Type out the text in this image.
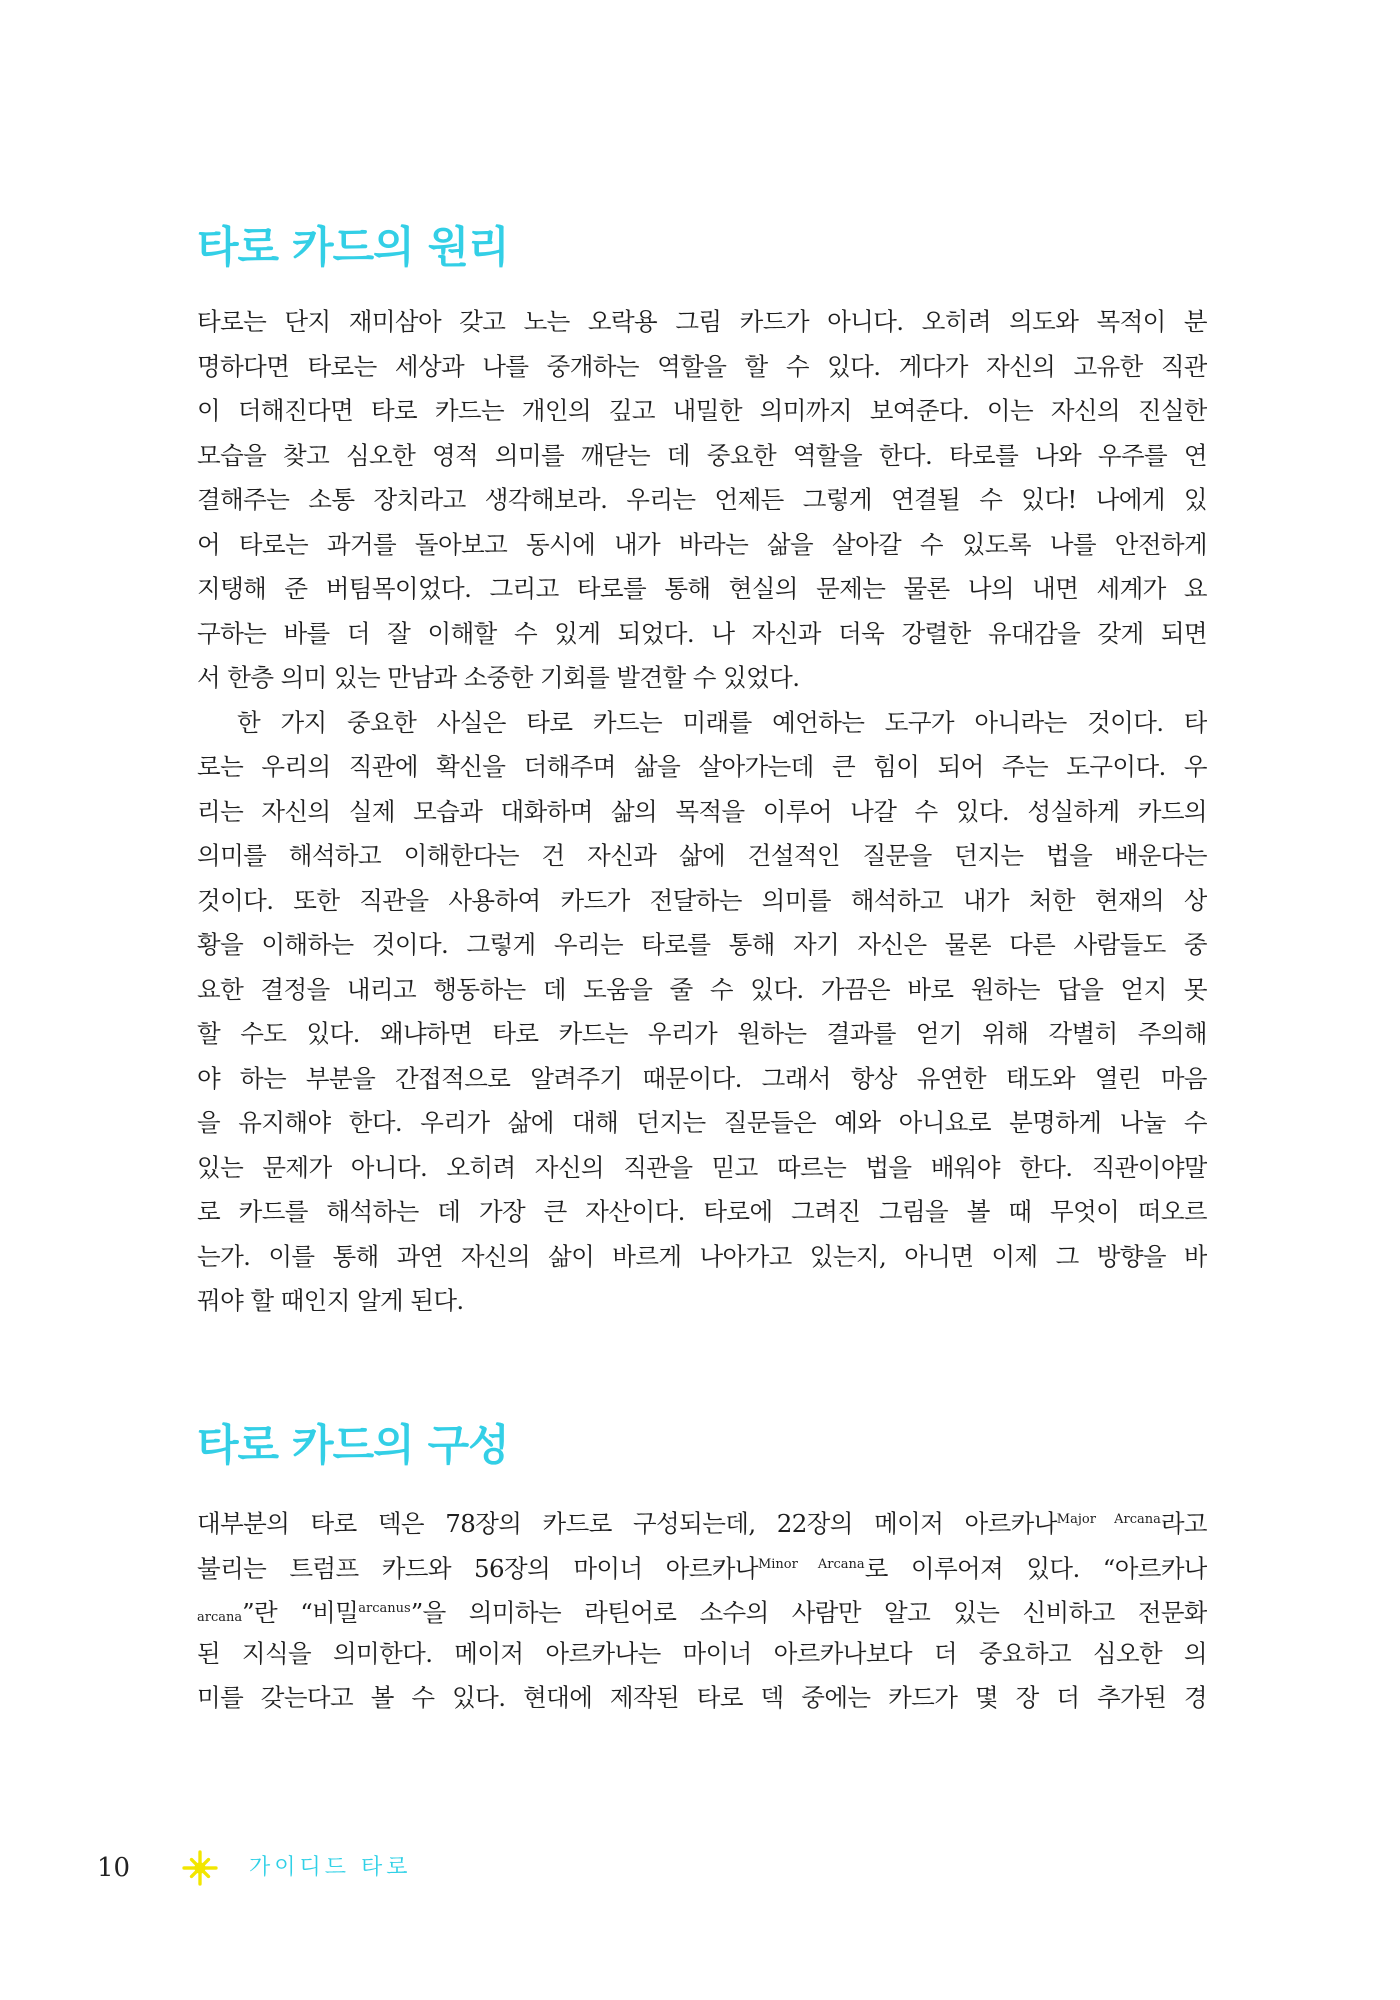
타로 카드의 원리
타로는 단지 재미삼아 갖고 노는 오락용 그림 카드가 아니다. 오히려 의도와 목적이 분
명하다면 타로는 세상과 나를 중개하는 역할을 할 수 있다. 게다가 자신의 고유한 직관
이 더해진다면 타로 카드는 개인의 깊고 내밀한 의미까지 보여준다. 이는 자신의 진실한
모습을 찾고 심오한 영적 의미를 깨닫는 데 중요한 역할을 한다. 타로를 나와 우주를 연
결해주는 소통 장치라고 생각해보라. 우리는 언제든 그렇게 연결될 수 있다! 나에게 있
어 타로는 과거를 돌아보고 동시에 내가 바라는 삶을 살아갈 수 있도록 나를 안전하게
지탱해 준 버팀목이었다. 그리고 타로를 통해 현실의 문제는 물론 나의 내면 세계가 요
구하는 바를 더 잘 이해할 수 있게 되었다. 나 자신과 더욱 강렬한 유대감을 갖게 되면
서 한층 의미 있는 만남과 소중한 기회를 발견할 수 있었다.
한 가지 중요한 사실은 타로 카드는 미래를 예언하는 도구가 아니라는 것이다. 타
로는 우리의 직관에 확신을 더해주며 삶을 살아가는데 큰 힘이 되어 주는 도구이다. 우
리는 자신의 실제 모습과 대화하며 삶의 목적을 이루어 나갈 수 있다. 성실하게 카드의
의미를 해석하고 이해한다는 건 자신과 삶에 건설적인 질문을 던지는 법을 배운다는
것이다. 또한 직관을 사용하여 카드가 전달하는 의미를 해석하고 내가 처한 현재의 상
황을 이해하는 것이다. 그렇게 우리는 타로를 통해 자기 자신은 물론 다른 사람들도 중
요한 결정을 내리고 행동하는 데 도움을 줄 수 있다. 가끔은 바로 원하는 답을 얻지 못
할 수도 있다. 왜냐하면 타로 카드는 우리가 원하는 결과를 얻기 위해 각별히 주의해
야 하는 부분을 간접적으로 알려주기 때문이다. 그래서 항상 유연한 태도와 열린 마음
을 유지해야 한다. 우리가 삶에 대해 던지는 질문들은 예와 아니요로 분명하게 나눌 수
있는 문제가 아니다. 오히려 자신의 직관을 믿고 따르는 법을 배워야 한다. 직관이야말
로 카드를 해석하는 데 가장 큰 자산이다. 타로에 그려진 그림을 볼 때 무엇이 떠오르
는가. 이를 통해 과연 자신의 삶이 바르게 나아가고 있는지, 아니면 이제 그 방향을 바
꿔야 할 때인지 알게 된다.
타로 카드의 구성
대부분의 타로 덱은 78장의 카드로 구성되는데, 22장의 메이저 아르카나$^{Major Arcana}$라고
불리는 트럼프 카드와 56장의 마이너 아르카나$^{Minor Arcana}$로 이루어져 있다. “아르카나
arcana”란 “비밀$^{arcanus}$”을 의미하는 라틴어로 소수의 사람만 알고 있는 신비하고 전문화
된 지식을 의미한다. 메이저 아르카나는 마이너 아르카나보다 더 중요하고 심오한 의
미를 갖는다고 볼 수 있다. 현대에 제작된 타로 덱 중에는 카드가 몇 장 더 추가된 경
10	가이디드 타로
